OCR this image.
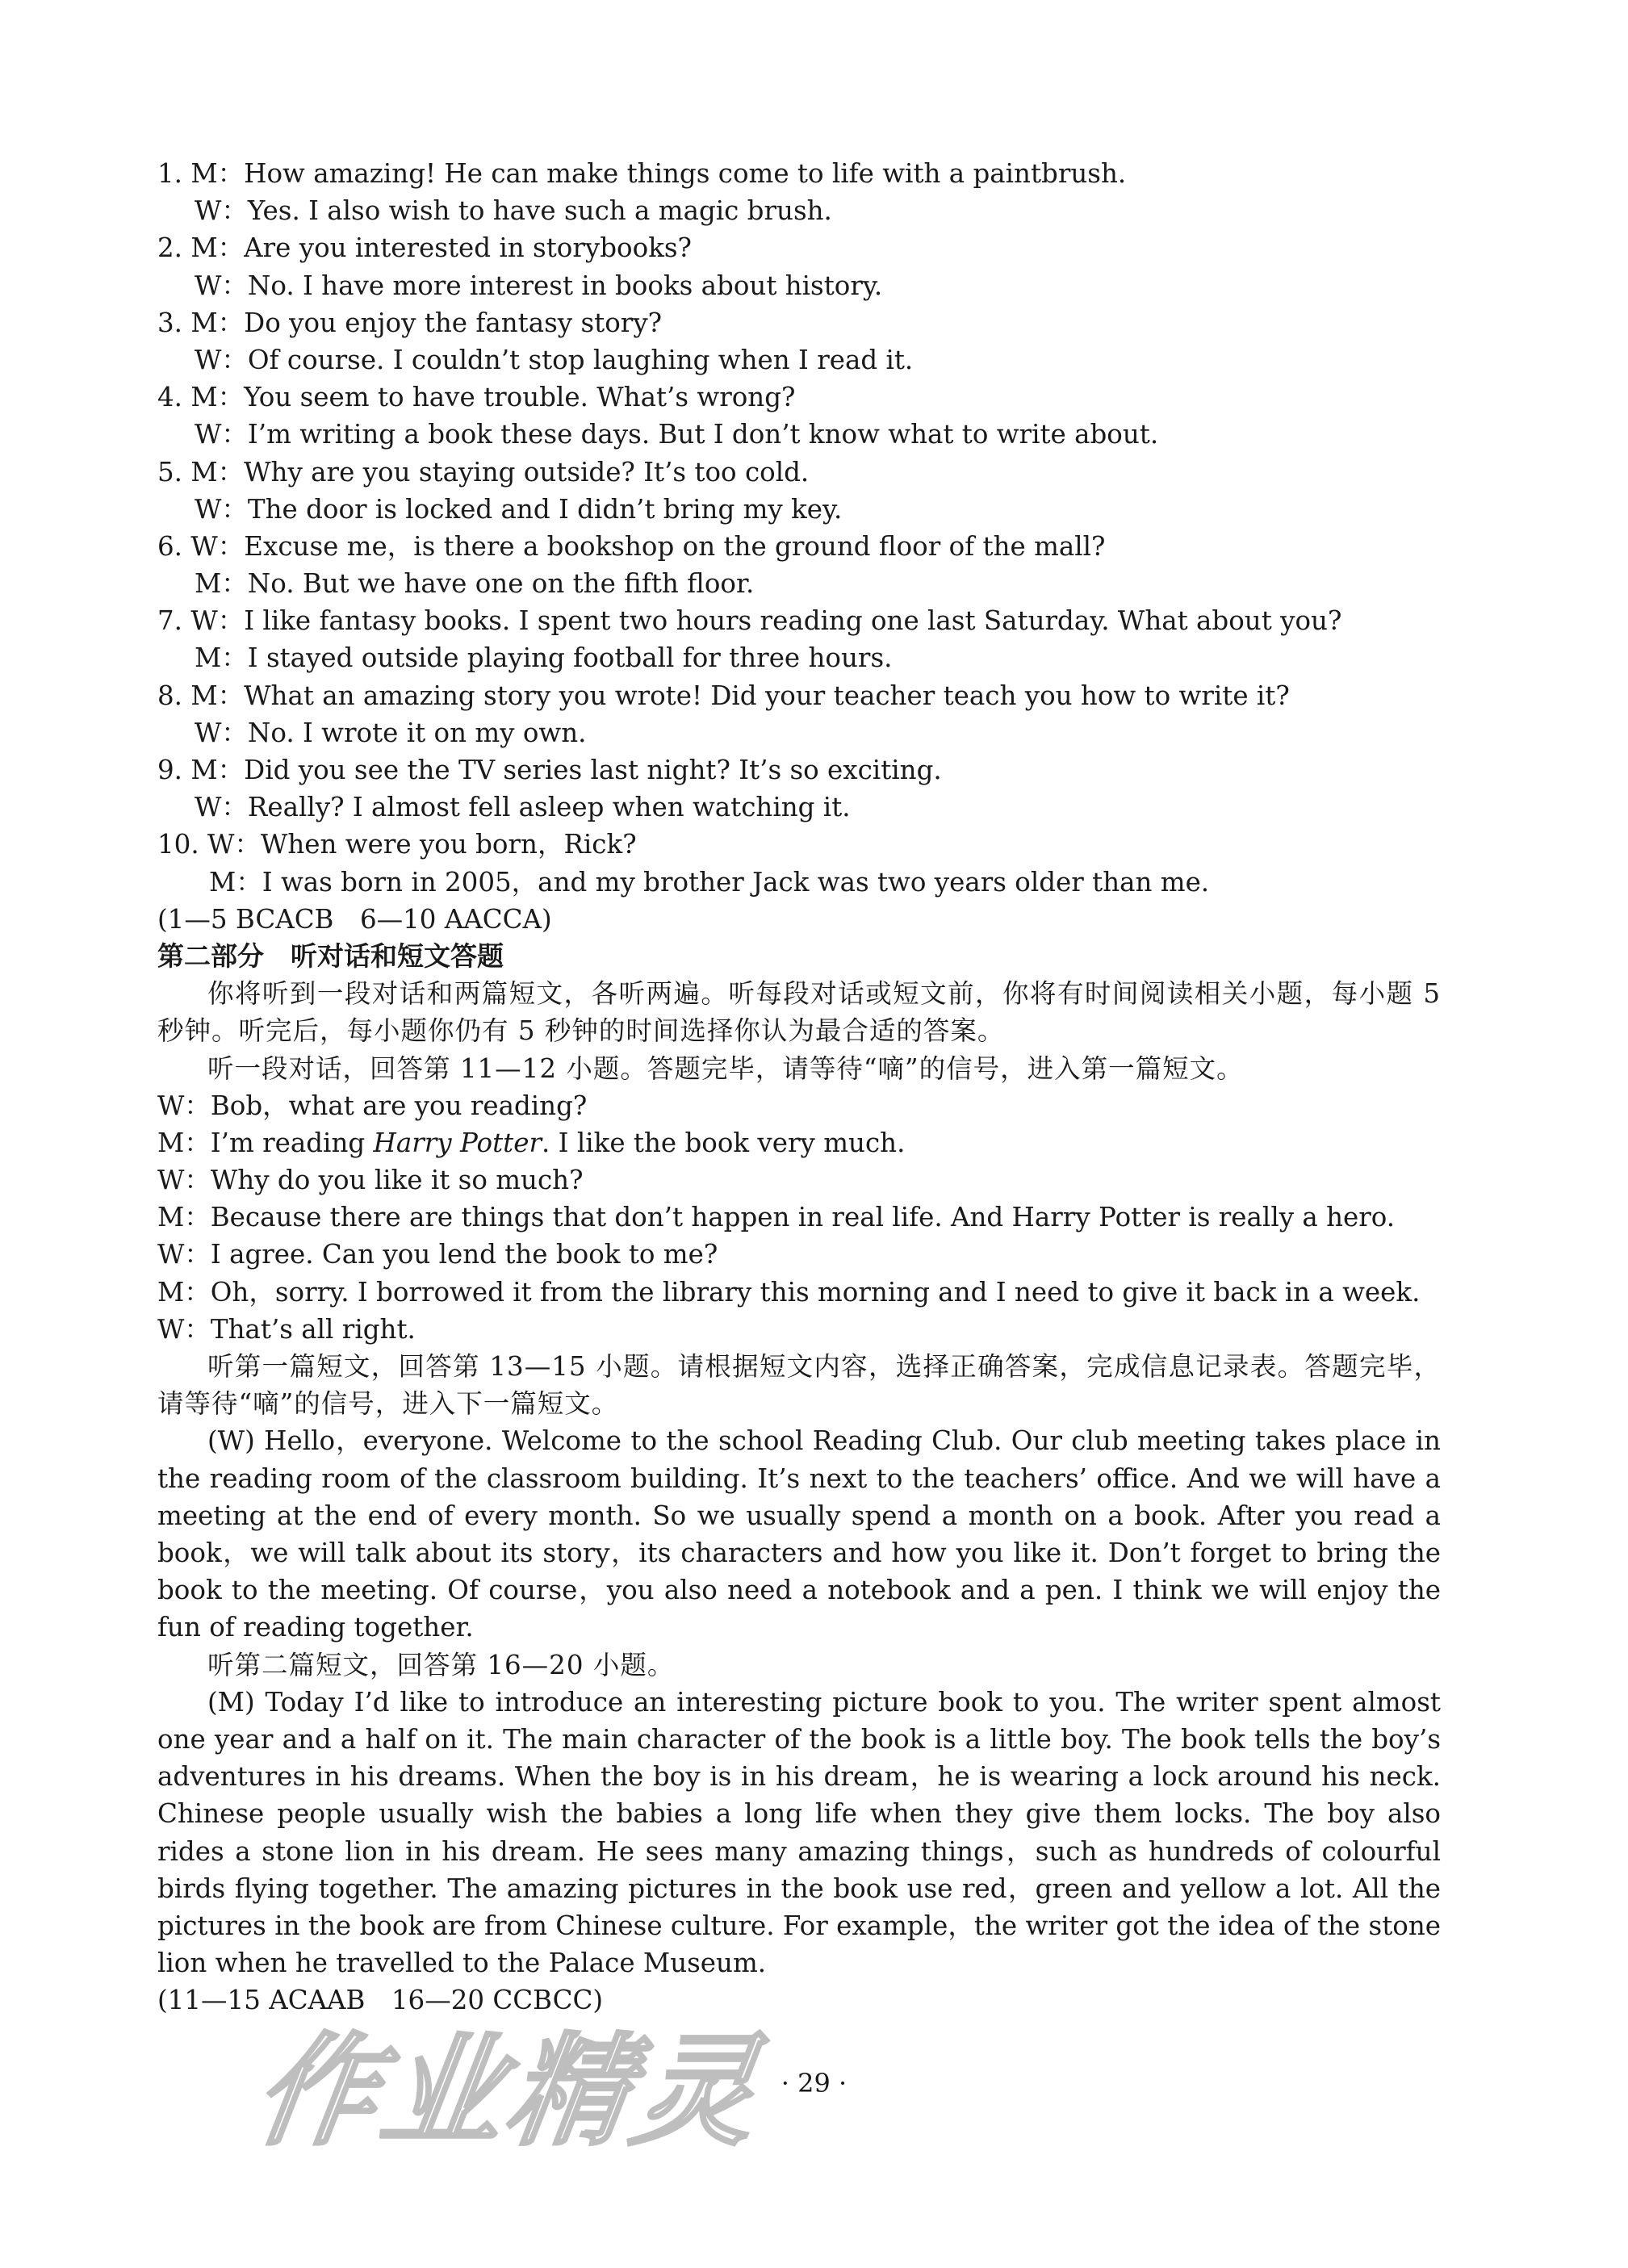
1. M：How amazing! He can make things come to life with a paintbrush.
W：Yes. I also wish to have such a magic brush.
2. M：Are you interested in storybooks?
W：No. I have more interest in books about history.
3. M：Do you enjoy the fantasy story?
W：Of course. I couldn’t stop laughing when I read it.
4. M：You seem to have trouble. What’s wrong?
W：I’m writing a book these days. But I don’t know what to write about.
5. M：Why are you staying outside? It’s too cold.
W：The door is locked and I didn’t bring my key.
6. W：Excuse me，is there a bookshop on the ground floor of the mall?
M：No. But we have one on the fifth floor.
7. W：I like fantasy books. I spent two hours reading one last Saturday. What about you?
M：I stayed outside playing football for three hours.
8. M：What an amazing story you wrote! Did your teacher teach you how to write it?
W：No. I wrote it on my own.
9. M：Did you see the TV series last night? It’s so exciting.
W：Really? I almost fell asleep when watching it.
10. W：When were you born，Rick?
M：I was born in 2005，and my brother Jack was two years older than me.
(1—5 BCACB　6—10 AACCA)
第二部分　听对话和短文答题
你将听到一段对话和两篇短文，各听两遍。听每段对话或短文前，你将有时间阅读相关小题，每小题 5 秒钟。听完后，每小题你仍有 5 秒钟的时间选择你认为最合适的答案。
听一段对话，回答第 11—12 小题。答题完毕，请等待“嘀”的信号，进入第一篇短文。
W：Bob，what are you reading?
M：I’m reading Harry Potter. I like the book very much.
W：Why do you like it so much?
M：Because there are things that don’t happen in real life. And Harry Potter is really a hero.
W：I agree. Can you lend the book to me?
M：Oh，sorry. I borrowed it from the library this morning and I need to give it back in a week.
W：That’s all right.
听第一篇短文，回答第 13—15 小题。请根据短文内容，选择正确答案，完成信息记录表。答题完毕，请等待“嘀”的信号，进入下一篇短文。
(W) Hello，everyone. Welcome to the school Reading Club. Our club meeting takes place in the reading room of the classroom building. It’s next to the teachers’ office. And we will have a meeting at the end of every month. So we usually spend a month on a book. After you read a book，we will talk about its story，its characters and how you like it. Don’t forget to bring the book to the meeting. Of course，you also need a notebook and a pen. I think we will enjoy the fun of reading together.
听第二篇短文，回答第 16—20 小题。
(M) Today I’d like to introduce an interesting picture book to you. The writer spent almost one year and a half on it. The main character of the book is a little boy. The book tells the boy’s adventures in his dreams. When the boy is in his dream，he is wearing a lock around his neck. Chinese people usually wish the babies a long life when they give them locks. The boy also rides a stone lion in his dream. He sees many amazing things，such as hundreds of colourful birds flying together. The amazing pictures in the book use red，green and yellow a lot. All the pictures in the book are from Chinese culture. For example，the writer got the idea of the stone lion when he travelled to the Palace Museum.
(11—15 ACAAB　16—20 CCBCC)
作业精灵 · 29 ·
